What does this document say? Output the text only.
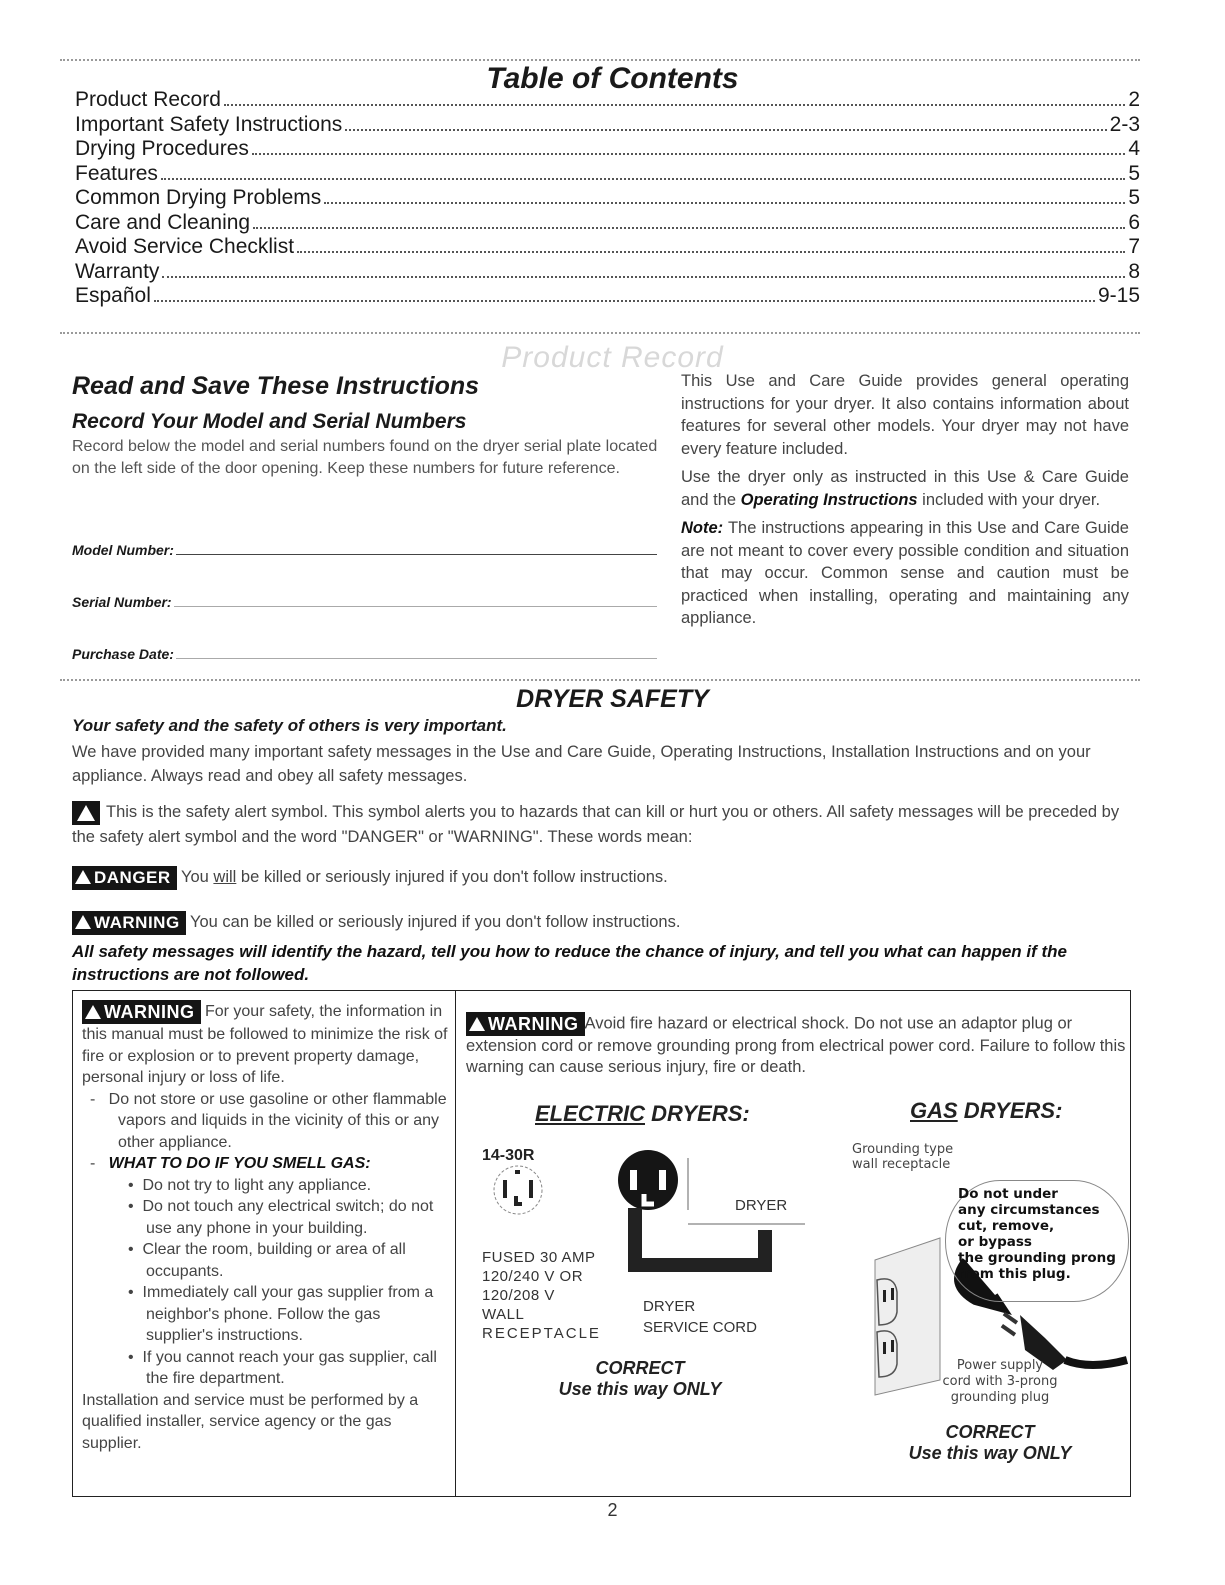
Table of Contents
Product Record	2
Important Safety Instructions	2-3
Drying Procedures	4
Features	5
Common Drying Problems	5
Care and Cleaning	6
Avoid Service Checklist	7
Warranty	8
Español	9-15
Product Record
Read and Save These Instructions
Record Your Model and Serial Numbers
Record below the model and serial numbers found on the dryer serial plate located on the left side of the door opening. Keep these numbers for future reference.
Model Number:
Serial Number:
Purchase Date:

This Use and Care Guide provides general operating instructions for your dryer. It also contains information about features for several other models. Your dryer may not have every feature included.

Use the dryer only as instructed in this Use & Care Guide and the Operating Instructions included with your dryer.

Note: The instructions appearing in this Use and Care Guide are not meant to cover every possible condition and situation that may occur. Common sense and caution must be practiced when installing, operating and maintaining any appliance.

DRYER SAFETY
Your safety and the safety of others is very important.
We have provided many important safety messages in the Use and Care Guide, Operating Instructions, Installation Instructions and on your appliance. Always read and obey all safety messages.
This is the safety alert symbol. This symbol alerts you to hazards that can kill or hurt you or others. All safety messages will be preceded by the safety alert symbol and the word "DANGER" or "WARNING". These words mean:
DANGER You will be killed or seriously injured if you don't follow instructions.
WARNING You can be killed or seriously injured if you don't follow instructions.
All safety messages will identify the hazard, tell you how to reduce the chance of injury, and tell you what can happen if the instructions are not followed.
WARNING For your safety, the information in this manual must be followed to minimize the risk of fire or explosion or to prevent property damage, personal injury or loss of life.
-   Do not store or use gasoline or other flammable vapors and liquids in the vicinity of this or any other appliance.
-   WHAT TO DO IF YOU SMELL GAS:
•  Do not try to light any appliance.
•  Do not touch any electrical switch; do not use any phone in your building.
•  Clear the room, building or area of all occupants.
•  Immediately call your gas supplier from a neighbor's phone. Follow the gas supplier's instructions.
•  If you cannot reach your gas supplier, call the fire department.
Installation and service must be performed by a qualified installer, service agency or the gas supplier.
WARNING Avoid fire hazard or electrical shock. Do not use an adaptor plug or extension cord or remove grounding prong from electrical power cord. Failure to follow this warning can cause serious injury, fire or death.
ELECTRIC DRYERS:	GAS DRYERS:
14-30R
DRYER
FUSED 30 AMP
120/240 V OR
120/208 V
WALL
RECEPTACLE
DRYER
SERVICE CORD
CORRECT
Use this way ONLY
Grounding type
wall receptacle
Do not under
any circumstances
cut, remove,
or bypass
the grounding prong
from this plug.
Power supply
cord with 3-prong
grounding plug
CORRECT
Use this way ONLY
2
